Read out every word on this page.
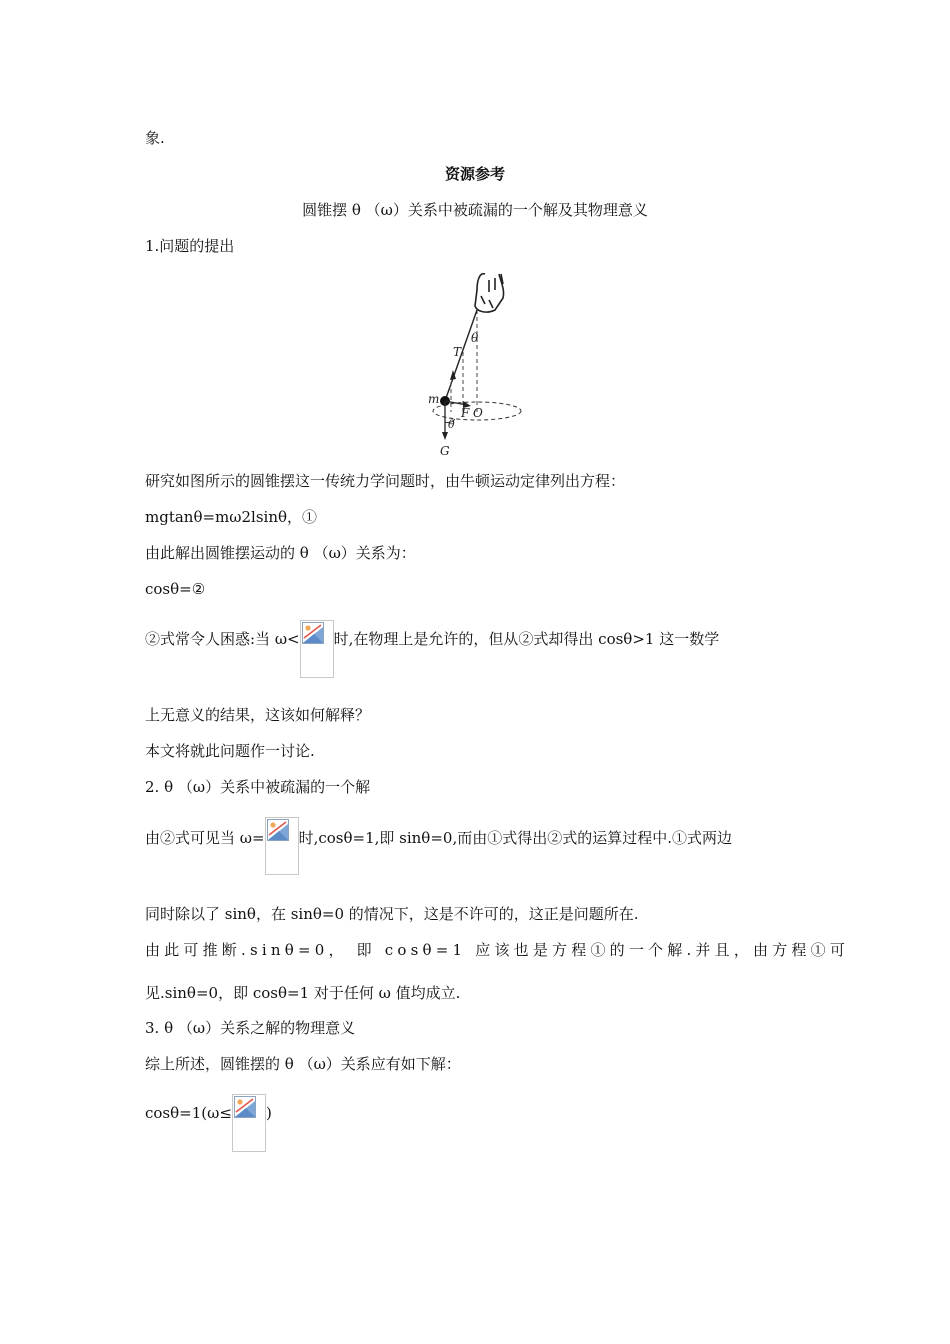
象.
资源参考
圆锥摆 θ （ω）关系中被疏漏的一个解及其物理意义
1.问题的提出
θ
T
m
F O
θ
G
研究如图所示的圆锥摆这一传统力学问题时，由牛顿运动定律列出方程：
mgtanθ=mω2lsinθ，①
由此解出圆锥摆运动的 θ （ω）关系为：
cosθ=②
②式常令人困惑:当 ω< 时,在物理上是允许的，但从②式却得出 cosθ>1 这一数学
上无意义的结果，这该如何解释？
本文将就此问题作一讨论.
2. θ （ω）关系中被疏漏的一个解
由②式可见当 ω= 时,cosθ=1,即 sinθ=0,而由①式得出②式的运算过程中.①式两边
同时除以了 sinθ，在 sinθ=0 的情况下，这是不许可的，这正是问题所在.
由此可推断.sinθ=0， 即 cosθ=1 应该也是方程①的一个解.并且，由方程①可
见.sinθ=0，即 cosθ=1 对于任何 ω 值均成立.
3. θ （ω）关系之解的物理意义
综上所述，圆锥摆的 θ （ω）关系应有如下解：
cosθ=1(ω≤ )
